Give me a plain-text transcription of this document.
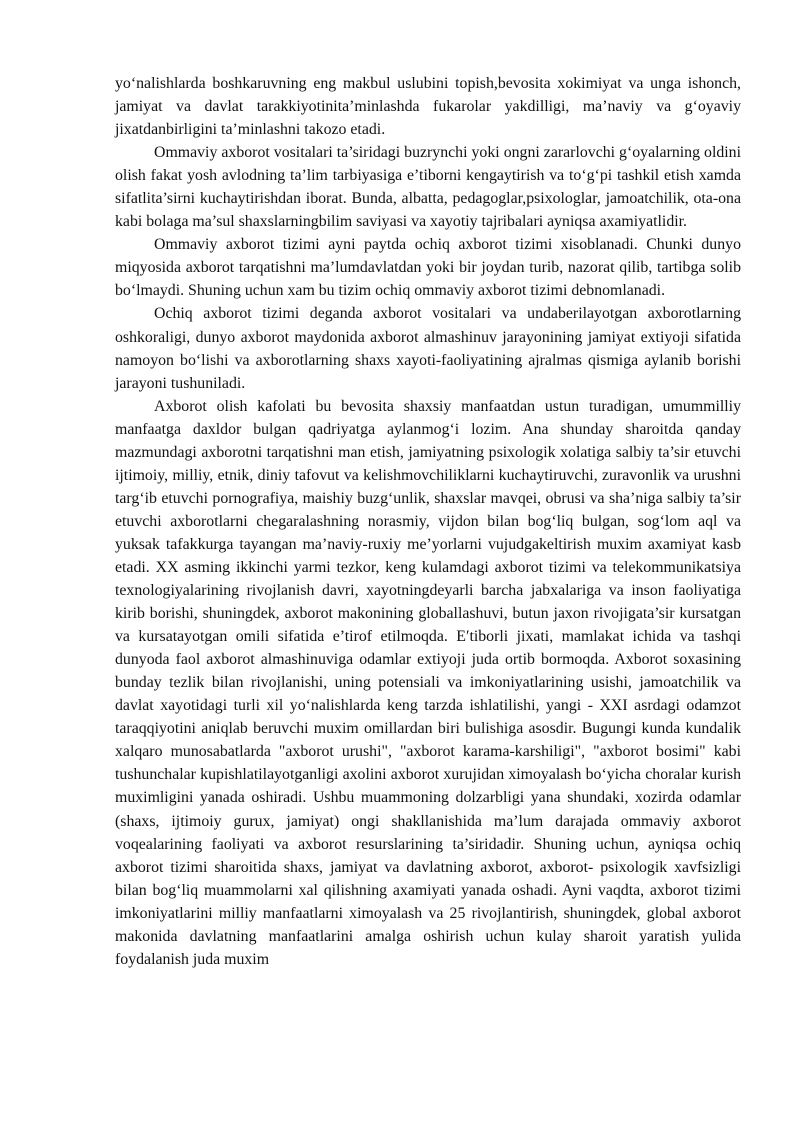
yo‘nalishlarda boshkaruvning eng makbul uslubini topish,bevosita xokimiyat va unga ishonch, jamiyat va davlat tarakkiyotinita’minlashda fukarolar yakdilligi, ma’naviy va g‘oyaviy jixatdanbirligini ta’minlashni takozo etadi.

Ommaviy axborot vositalari ta’siridagi buzrynchi yoki ongni zararlovchi g‘oyalarning oldini olish fakat yosh avlodning ta’lim tarbiyasiga e’tiborni kengaytirish va to‘g‘pi tashkil etish xamda sifatlita’sirni kuchaytirishdan iborat. Bunda, albatta, pedagoglar,psixologlar, jamoatchilik, ota-ona kabi bolaga ma’sul shaxslarningbilim saviyasi va xayotiy tajribalari ayniqsa axamiyatlidir.

Ommaviy axborot tizimi ayni paytda ochiq axborot tizimi xisoblanadi. Chunki dunyo miqyosida axborot tarqatishni ma’lumdavlatdan yoki bir joydan turib, nazorat qilib, tartibga solib bo‘lmaydi. Shuning uchun xam bu tizim ochiq ommaviy axborot tizimi debnomlanadi.

Ochiq axborot tizimi deganda axborot vositalari va undaberilayotgan axborotlarning oshkoraligi, dunyo axborot maydonida axborot almashinuv jarayonining jamiyat extiyoji sifatida namoyon bo‘lishi va axborotlarning shaxs xayoti-faoliyatining ajralmas qismiga aylanib borishi jarayoni tushuniladi.

Axborot olish kafolati bu bevosita shaxsiy manfaatdan ustun turadigan, umummilliy manfaatga daxldor bulgan qadriyatga aylanmog‘i lozim. Ana shunday sharoitda qanday mazmundagi axborotni tarqatishni man etish, jamiyatning psixologik xolatiga salbiy ta’sir etuvchi ijtimoiy, milliy, etnik, diniy tafovut va kelishmovchiliklarni kuchaytiruvchi, zuravonlik va urushni targ‘ib etuvchi pornografiya, maishiy buzg‘unlik, shaxslar mavqei, obrusi va sha’niga salbiy ta’sir etuvchi axborotlarni chegaralashning norasmiy, vijdon bilan bog‘liq bulgan, sog‘lom aql va yuksak tafakkurga tayangan ma’naviy-ruxiy me’yorlarni vujudgakeltirish muxim axamiyat kasb etadi. XX asming ikkinchi yarmi tezkor, keng kulamdagi axborot tizimi va telekommunikatsiya texnologiyalarining rivojlanish davri, xayotningdeyarli barcha jabxalariga va inson faoliyatiga kirib borishi, shuningdek, axborot makonining globallashuvi, butun jaxon rivojigata’sir kursatgan va kursatayotgan omili sifatida e’tirof etilmoqda. E′tiborli jixati, mamlakat ichida va tashqi dunyoda faol axborot almashinuviga odamlar extiyoji juda ortib bormoqda. Axborot soxasining bunday tezlik bilan rivojlanishi, uning potensiali va imkoniyatlarining usishi, jamoatchilik va davlat xayotidagi turli xil yo‘nalishlarda keng tarzda ishlatilishi, yangi - XXI asrdagi odamzot taraqqiyotini aniqlab beruvchi muxim omillardan biri bulishiga asosdir. Bugungi kunda kundalik xalqaro munosabatlarda "axborot urushi", "axborot karama-karshiligi", "axborot bosimi" kabi tushunchalar kupishlatilayotganligi axolini axborot xurujidan ximoyalash bo‘yicha choralar kurish muximligini yanada oshiradi. Ushbu muammoning dolzarbligi yana shundaki, xozirda odamlar (shaxs, ijtimoiy gurux, jamiyat) ongi shakllanishida ma’lum darajada ommaviy axborot voqealarining faoliyati va axborot resurslarining ta’siridadir. Shuning uchun, ayniqsa ochiq axborot tizimi sharoitida shaxs, jamiyat va davlatning axborot, axborot- psixologik xavfsizligi bilan bog‘liq muammolarni xal qilishning axamiyati yanada oshadi. Ayni vaqdta, axborot tizimi imkoniyatlarini milliy manfaatlarni ximoyalash va 25 rivojlantirish, shuningdek, global axborot makonida davlatning manfaatlarini amalga oshirish uchun kulay sharoit yaratish yulida foydalanish juda muxim
